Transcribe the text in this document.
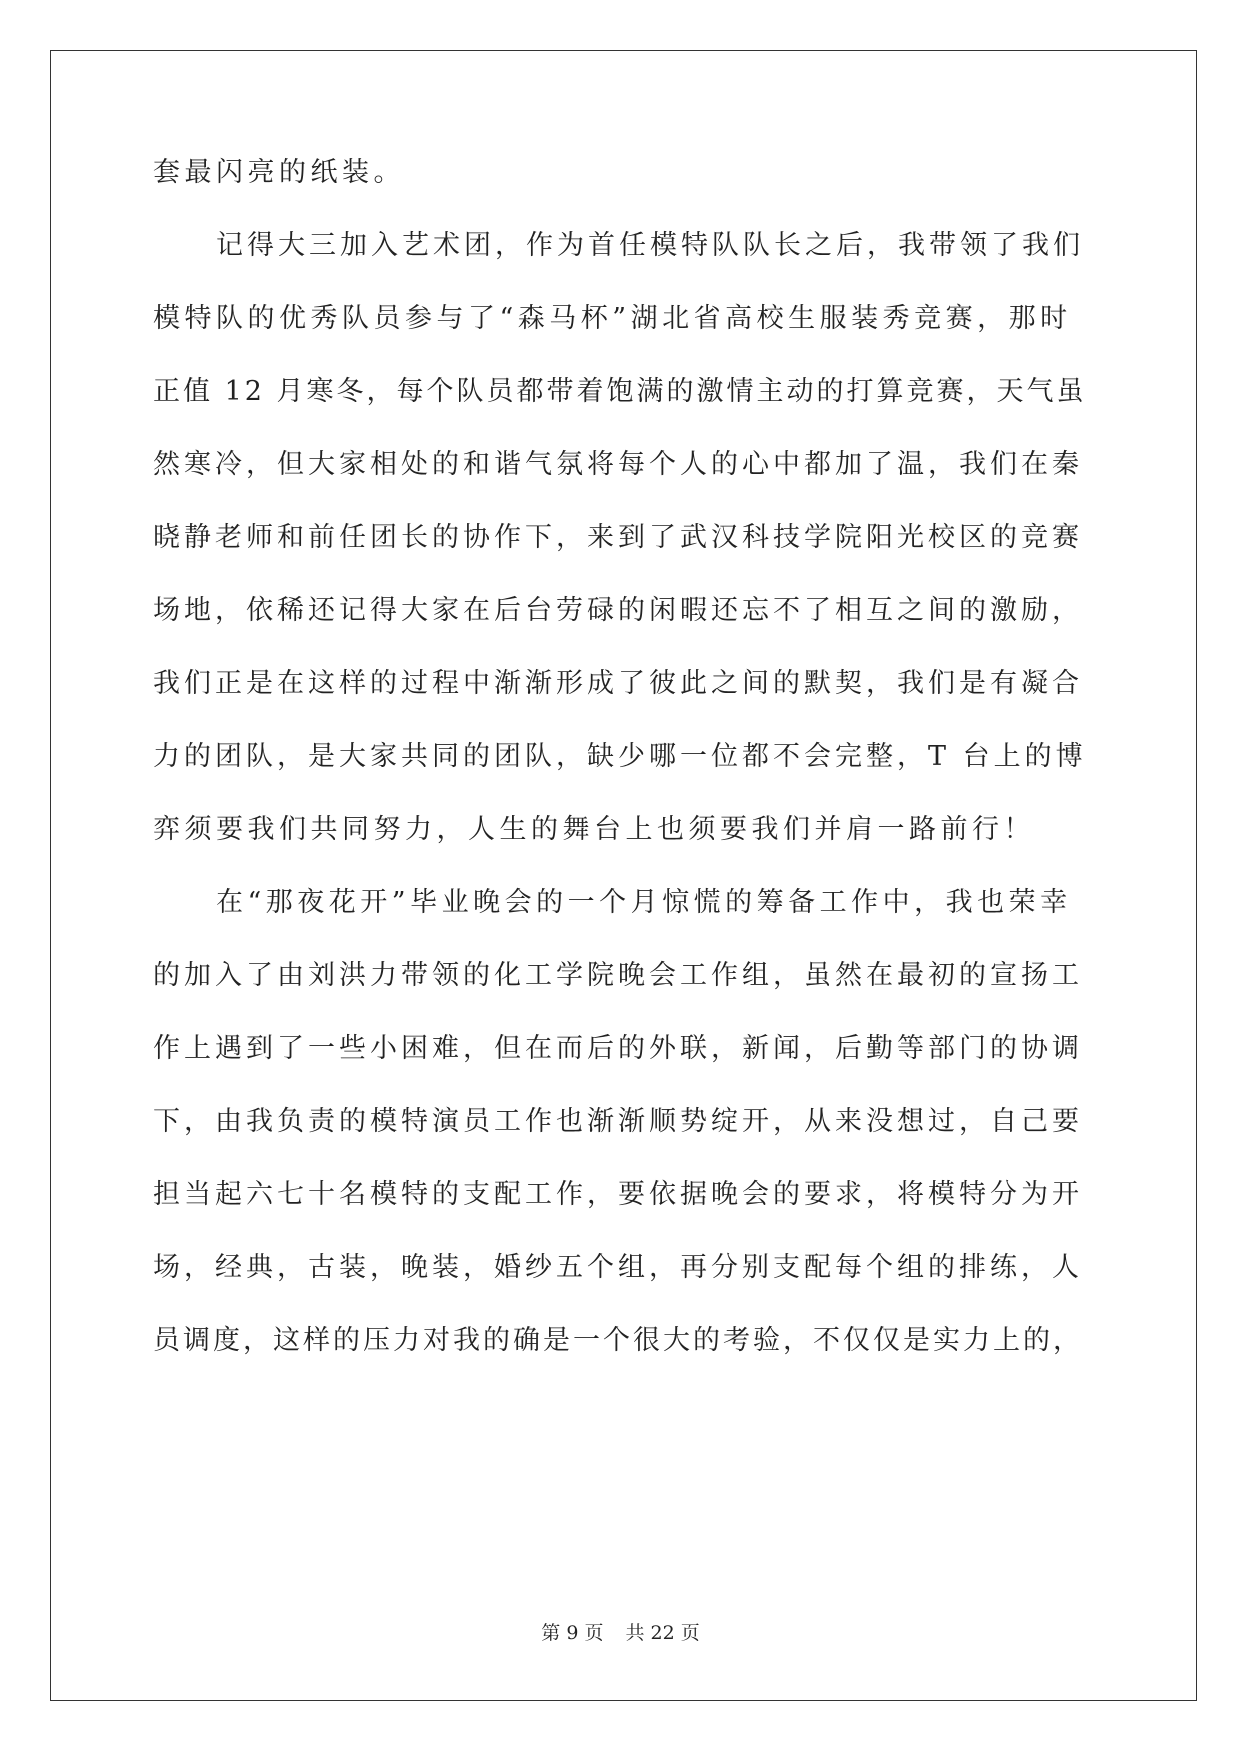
套最闪亮的纸装。
记得大三加入艺术团，作为首任模特队队长之后，我带领了我们
模特队的优秀队员参与了“森马杯”湖北省高校生服装秀竞赛，那时
正值 12 月寒冬，每个队员都带着饱满的激情主动的打算竞赛，天气虽
然寒冷，但大家相处的和谐气氛将每个人的心中都加了温，我们在秦
晓静老师和前任团长的协作下，来到了武汉科技学院阳光校区的竞赛
场地，依稀还记得大家在后台劳碌的闲暇还忘不了相互之间的激励，
我们正是在这样的过程中渐渐形成了彼此之间的默契，我们是有凝合
力的团队，是大家共同的团队，缺少哪一位都不会完整，T 台上的博
弈须要我们共同努力，人生的舞台上也须要我们并肩一路前行！
在“那夜花开”毕业晚会的一个月惊慌的筹备工作中，我也荣幸
的加入了由刘洪力带领的化工学院晚会工作组，虽然在最初的宣扬工
作上遇到了一些小困难，但在而后的外联，新闻，后勤等部门的协调
下，由我负责的模特演员工作也渐渐顺势绽开，从来没想过，自己要
担当起六七十名模特的支配工作，要依据晚会的要求，将模特分为开
场，经典，古装，晚装，婚纱五个组，再分别支配每个组的排练，人
员调度，这样的压力对我的确是一个很大的考验，不仅仅是实力上的，
第 9 页 共 22 页
